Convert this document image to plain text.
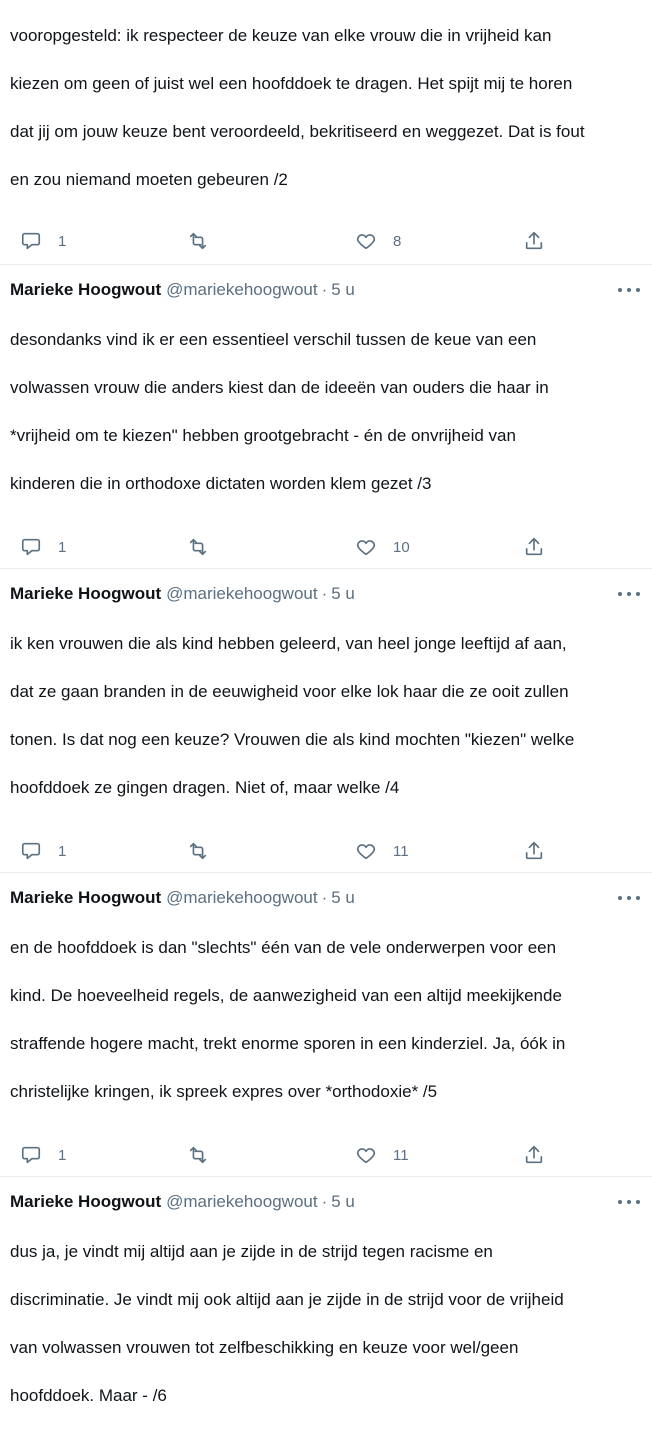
vooropgesteld: ik respecteer de keuze van elke vrouw die in vrijheid kan

kiezen om geen of juist wel een hoofddoek te dragen. Het spijt mij te horen

dat jij om jouw keuze bent veroordeeld, bekritiseerd en weggezet. Dat is fout

en zou niemand moeten gebeuren /2

1	8
Marieke Hoogwout @mariekehoogwout · 5 u

desondanks vind ik er een essentieel verschil tussen de keue van een

volwassen vrouw die anders kiest dan de ideeën van ouders die haar in

*vrijheid om te kiezen" hebben grootgebracht - én de onvrijheid van

kinderen die in orthodoxe dictaten worden klem gezet /3

1	10
Marieke Hoogwout @mariekehoogwout · 5 u

ik ken vrouwen die als kind hebben geleerd, van heel jonge leeftijd af aan,

dat ze gaan branden in de eeuwigheid voor elke lok haar die ze ooit zullen

tonen. Is dat nog een keuze? Vrouwen die als kind mochten "kiezen" welke

hoofddoek ze gingen dragen. Niet of, maar welke /4

1	11
Marieke Hoogwout @mariekehoogwout · 5 u

en de hoofddoek is dan "slechts" één van de vele onderwerpen voor een

kind. De hoeveelheid regels, de aanwezigheid van een altijd meekijkende

straffende hogere macht, trekt enorme sporen in een kinderziel. Ja, óók in

christelijke kringen, ik spreek expres over *orthodoxie* /5

1	11
Marieke Hoogwout @mariekehoogwout · 5 u

dus ja, je vindt mij altijd aan je zijde in de strijd tegen racisme en

discriminatie. Je vindt mij ook altijd aan je zijde in de strijd voor de vrijheid

van volwassen vrouwen tot zelfbeschikking en keuze voor wel/geen

hoofddoek. Maar - /6
